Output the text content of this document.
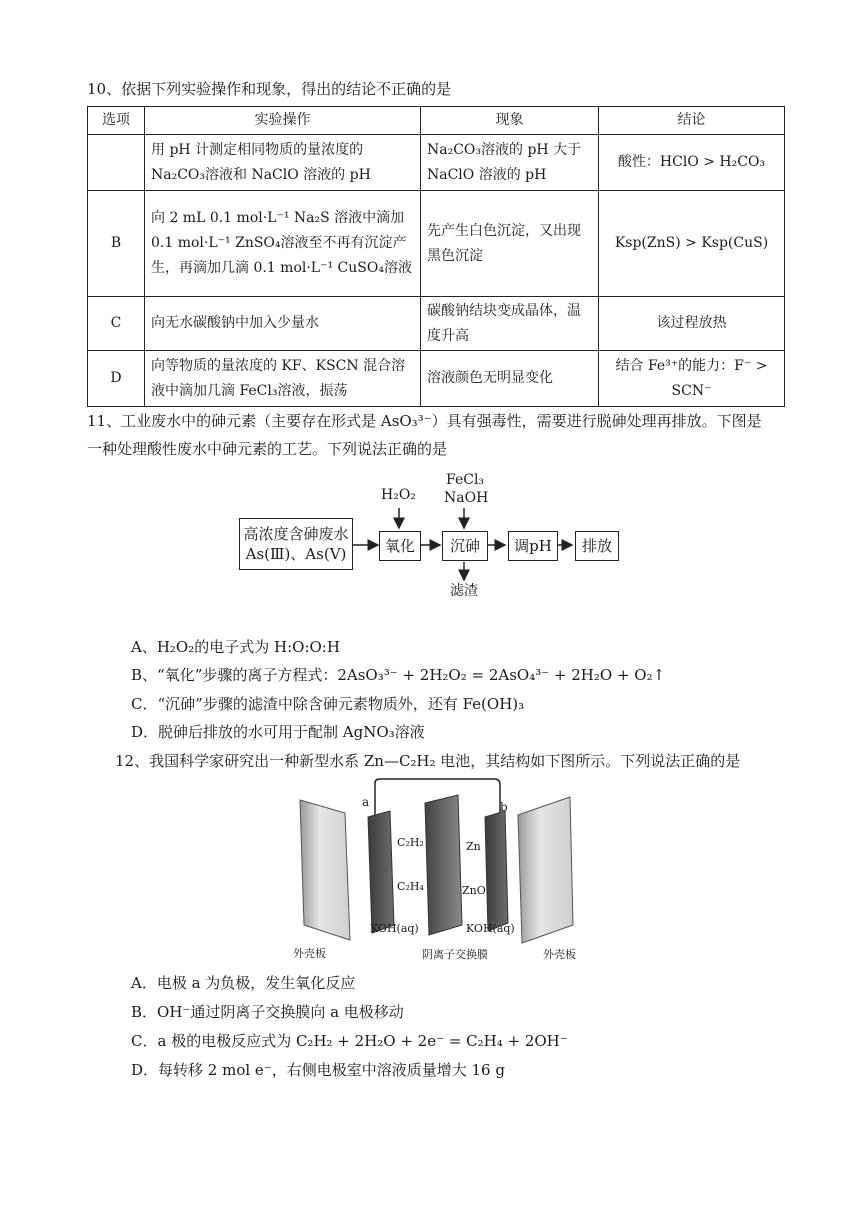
10、依据下列实验操作和现象，得出的结论不正确的是
选项	实验操作	现象	结论
	用 pH 计测定相同物质的量浓度的 Na₂CO₃溶液和 NaClO 溶液的 pH	Na₂CO₃溶液的 pH 大于 NaClO 溶液的 pH	酸性：HClO > H₂CO₃
B	向 2 mL 0.1 mol·L⁻¹ Na₂S 溶液中滴加 0.1 mol·L⁻¹ ZnSO₄溶液至不再有沉淀产生，再滴加几滴 0.1 mol·L⁻¹ CuSO₄溶液	先产生白色沉淀，又出现黑色沉淀	Ksp(ZnS) > Ksp(CuS)
C	向无水碳酸钠中加入少量水	碳酸钠结块变成晶体，温度升高	该过程放热
D	向等物质的量浓度的 KF、KSCN 混合溶液中滴加几滴 FeCl₃溶液，振荡	溶液颜色无明显变化	结合 Fe³⁺的能力：F⁻ > SCN⁻
11、工业废水中的砷元素（主要存在形式是 AsO₃³⁻）具有强毒性，需要进行脱砷处理再排放。下图是
一种处理酸性废水中砷元素的工艺。下列说法正确的是
高浓度含砷废水
As(Ⅲ)、As(Ⅴ)	氧化	沉砷	调pH	排放
H₂O₂
FeCl₃
NaOH
滤渣
A、H₂O₂的电子式为 H:O:O:H
B、“氧化”步骤的离子方程式：2AsO₃³⁻ + 2H₂O₂ = 2AsO₄³⁻ + 2H₂O + O₂↑
C．“沉砷”步骤的滤渣中除含砷元素物质外，还有 Fe(OH)₃
D．脱砷后排放的水可用于配制 AgNO₃溶液
12、我国科学家研究出一种新型水系 Zn—C₂H₂ 电池，其结构如下图所示。下列说法正确的是
a	b
C₂H₂
C₂H₄
Zn
ZnO
KOH(aq)	KOH(aq)
外壳板	阴离子交换膜	外壳板
A．电极 a 为负极，发生氧化反应
B．OH⁻通过阴离子交换膜向 a 电极移动
C．a 极的电极反应式为 C₂H₂ + 2H₂O + 2e⁻ = C₂H₄ + 2OH⁻
D．每转移 2 mol e⁻，右侧电极室中溶液质量增大 16 g
